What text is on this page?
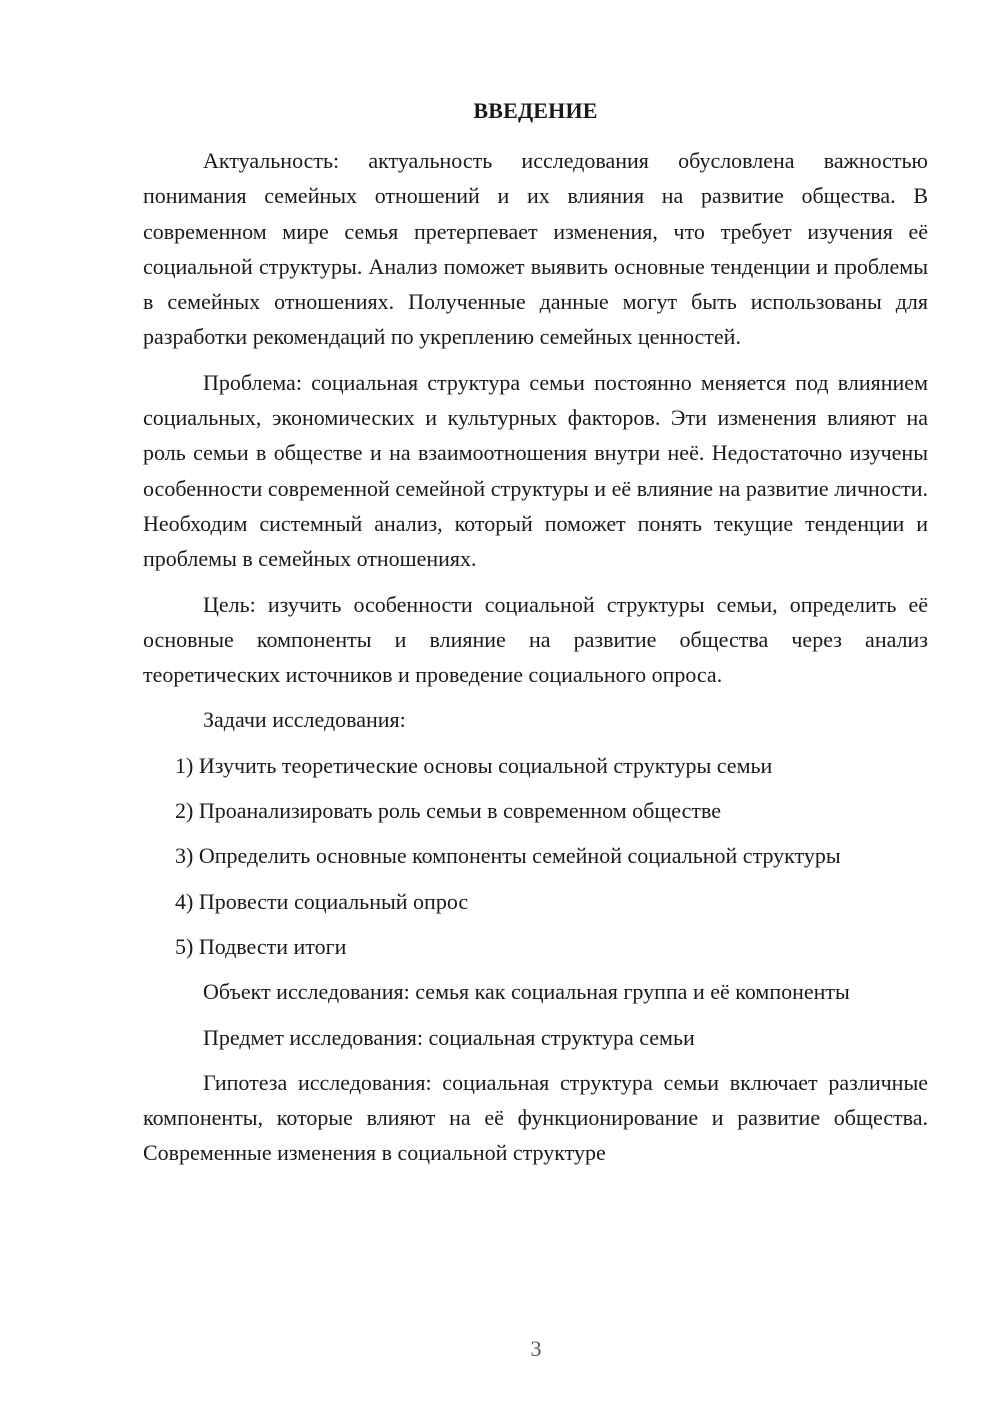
ВВЕДЕНИЕ

Актуальность: актуальность исследования обусловлена важностью понимания семейных отношений и их влияния на развитие общества. В современном мире семья претерпевает изменения, что требует изучения её социальной структуры. Анализ поможет выявить основные тенденции и проблемы в семейных отношениях. Полученные данные могут быть использованы для разработки рекомендаций по укреплению семейных ценностей.

Проблема: социальная структура семьи постоянно меняется под влиянием социальных, экономических и культурных факторов. Эти изменения влияют на роль семьи в обществе и на взаимоотношения внутри неё. Недостаточно изучены особенности современной семейной структуры и её влияние на развитие личности. Необходим системный анализ, который поможет понять текущие тенденции и проблемы в семейных отношениях.

Цель: изучить особенности социальной структуры семьи, определить её основные компоненты и влияние на развитие общества через анализ теоретических источников и проведение социального опроса.

Задачи исследования:

1) Изучить теоретические основы социальной структуры семьи
2) Проанализировать роль семьи в современном обществе
3) Определить основные компоненты семейной социальной структуры
4) Провести социальный опрос
5) Подвести итоги

Объект исследования: семья как социальная группа и её компоненты

Предмет исследования: социальная структура семьи

Гипотеза исследования: социальная структура семьи включает различные компоненты, которые влияют на её функционирование и развитие общества. Современные изменения в социальной структуре

3
